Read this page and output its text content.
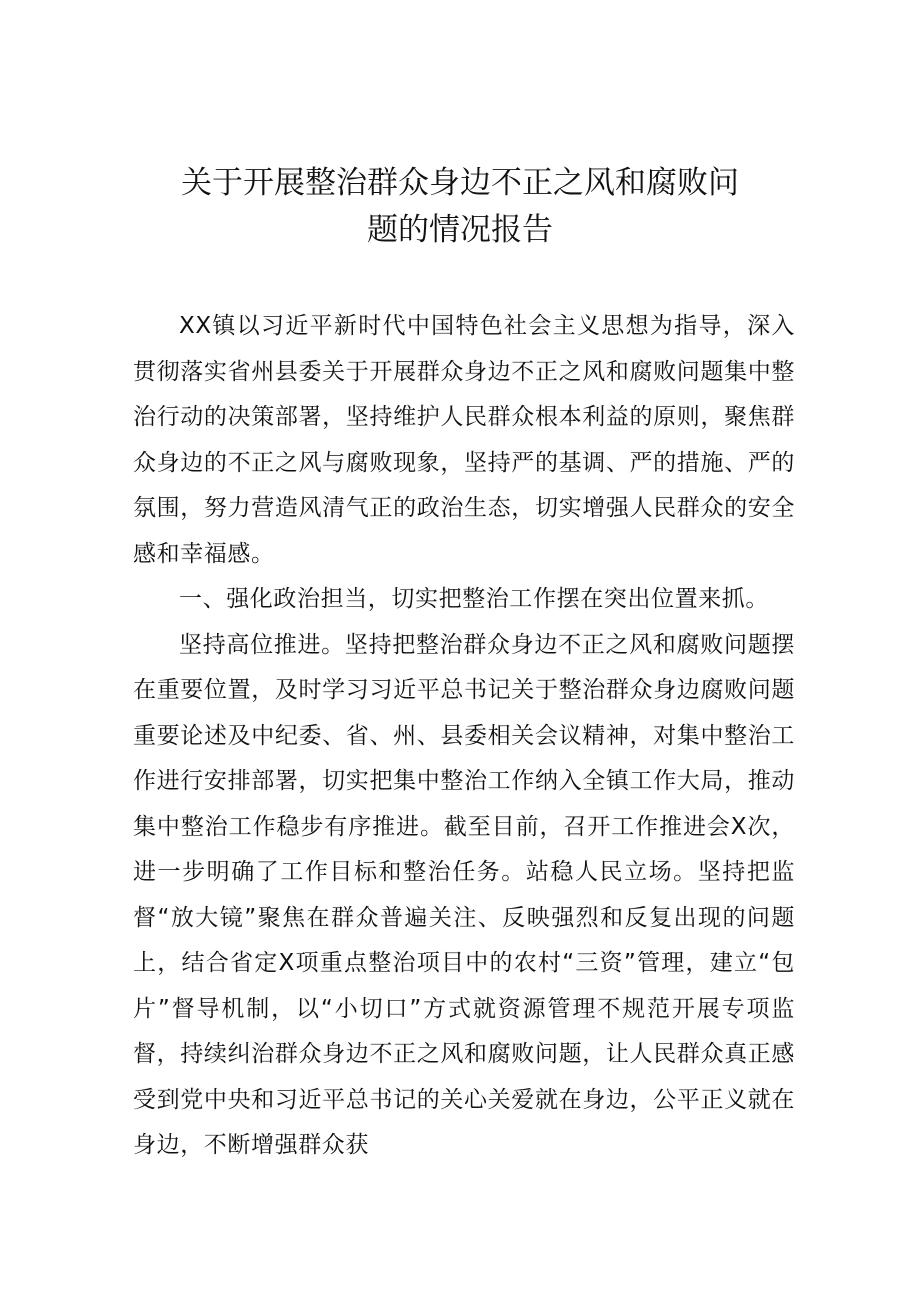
关于开展整治群众身边不正之风和腐败问
题的情况报告

XX镇以习近平新时代中国特色社会主义思想为指导，深入贯彻落实省州县委关于开展群众身边不正之风和腐败问题集中整治行动的决策部署，坚持维护人民群众根本利益的原则，聚焦群众身边的不正之风与腐败现象，坚持严的基调、严的措施、严的氛围，努力营造风清气正的政治生态，切实增强人民群众的安全感和幸福感。

一、强化政治担当，切实把整治工作摆在突出位置来抓。

坚持高位推进。坚持把整治群众身边不正之风和腐败问题摆在重要位置，及时学习习近平总书记关于整治群众身边腐败问题重要论述及中纪委、省、州、县委相关会议精神，对集中整治工作进行安排部署，切实把集中整治工作纳入全镇工作大局，推动集中整治工作稳步有序推进。截至目前，召开工作推进会X次，进一步明确了工作目标和整治任务。站稳人民立场。坚持把监督“放大镜”聚焦在群众普遍关注、反映强烈和反复出现的问题上，结合省定X项重点整治项目中的农村“三资”管理，建立“包片”督导机制，以“小切口”方式就资源管理不规范开展专项监督，持续纠治群众身边不正之风和腐败问题，让人民群众真正感受到党中央和习近平总书记的关心关爱就在身边，公平正义就在身边，不断增强群众获
